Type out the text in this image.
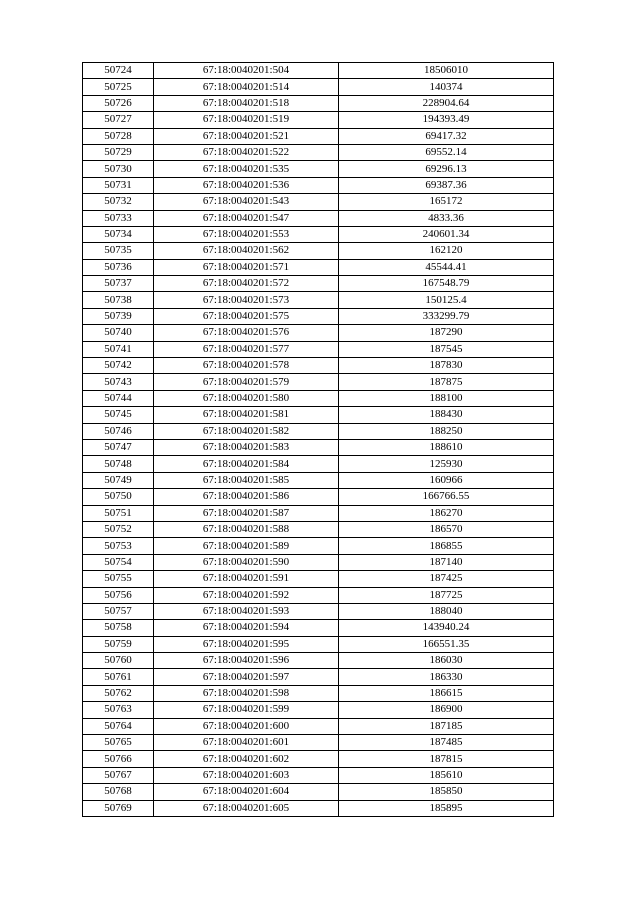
50724	67:18:0040201:504	18506010
50725	67:18:0040201:514	140374
50726	67:18:0040201:518	228904.64
50727	67:18:0040201:519	194393.49
50728	67:18:0040201:521	69417.32
50729	67:18:0040201:522	69552.14
50730	67:18:0040201:535	69296.13
50731	67:18:0040201:536	69387.36
50732	67:18:0040201:543	165172
50733	67:18:0040201:547	4833.36
50734	67:18:0040201:553	240601.34
50735	67:18:0040201:562	162120
50736	67:18:0040201:571	45544.41
50737	67:18:0040201:572	167548.79
50738	67:18:0040201:573	150125.4
50739	67:18:0040201:575	333299.79
50740	67:18:0040201:576	187290
50741	67:18:0040201:577	187545
50742	67:18:0040201:578	187830
50743	67:18:0040201:579	187875
50744	67:18:0040201:580	188100
50745	67:18:0040201:581	188430
50746	67:18:0040201:582	188250
50747	67:18:0040201:583	188610
50748	67:18:0040201:584	125930
50749	67:18:0040201:585	160966
50750	67:18:0040201:586	166766.55
50751	67:18:0040201:587	186270
50752	67:18:0040201:588	186570
50753	67:18:0040201:589	186855
50754	67:18:0040201:590	187140
50755	67:18:0040201:591	187425
50756	67:18:0040201:592	187725
50757	67:18:0040201:593	188040
50758	67:18:0040201:594	143940.24
50759	67:18:0040201:595	166551.35
50760	67:18:0040201:596	186030
50761	67:18:0040201:597	186330
50762	67:18:0040201:598	186615
50763	67:18:0040201:599	186900
50764	67:18:0040201:600	187185
50765	67:18:0040201:601	187485
50766	67:18:0040201:602	187815
50767	67:18:0040201:603	185610
50768	67:18:0040201:604	185850
50769	67:18:0040201:605	185895
